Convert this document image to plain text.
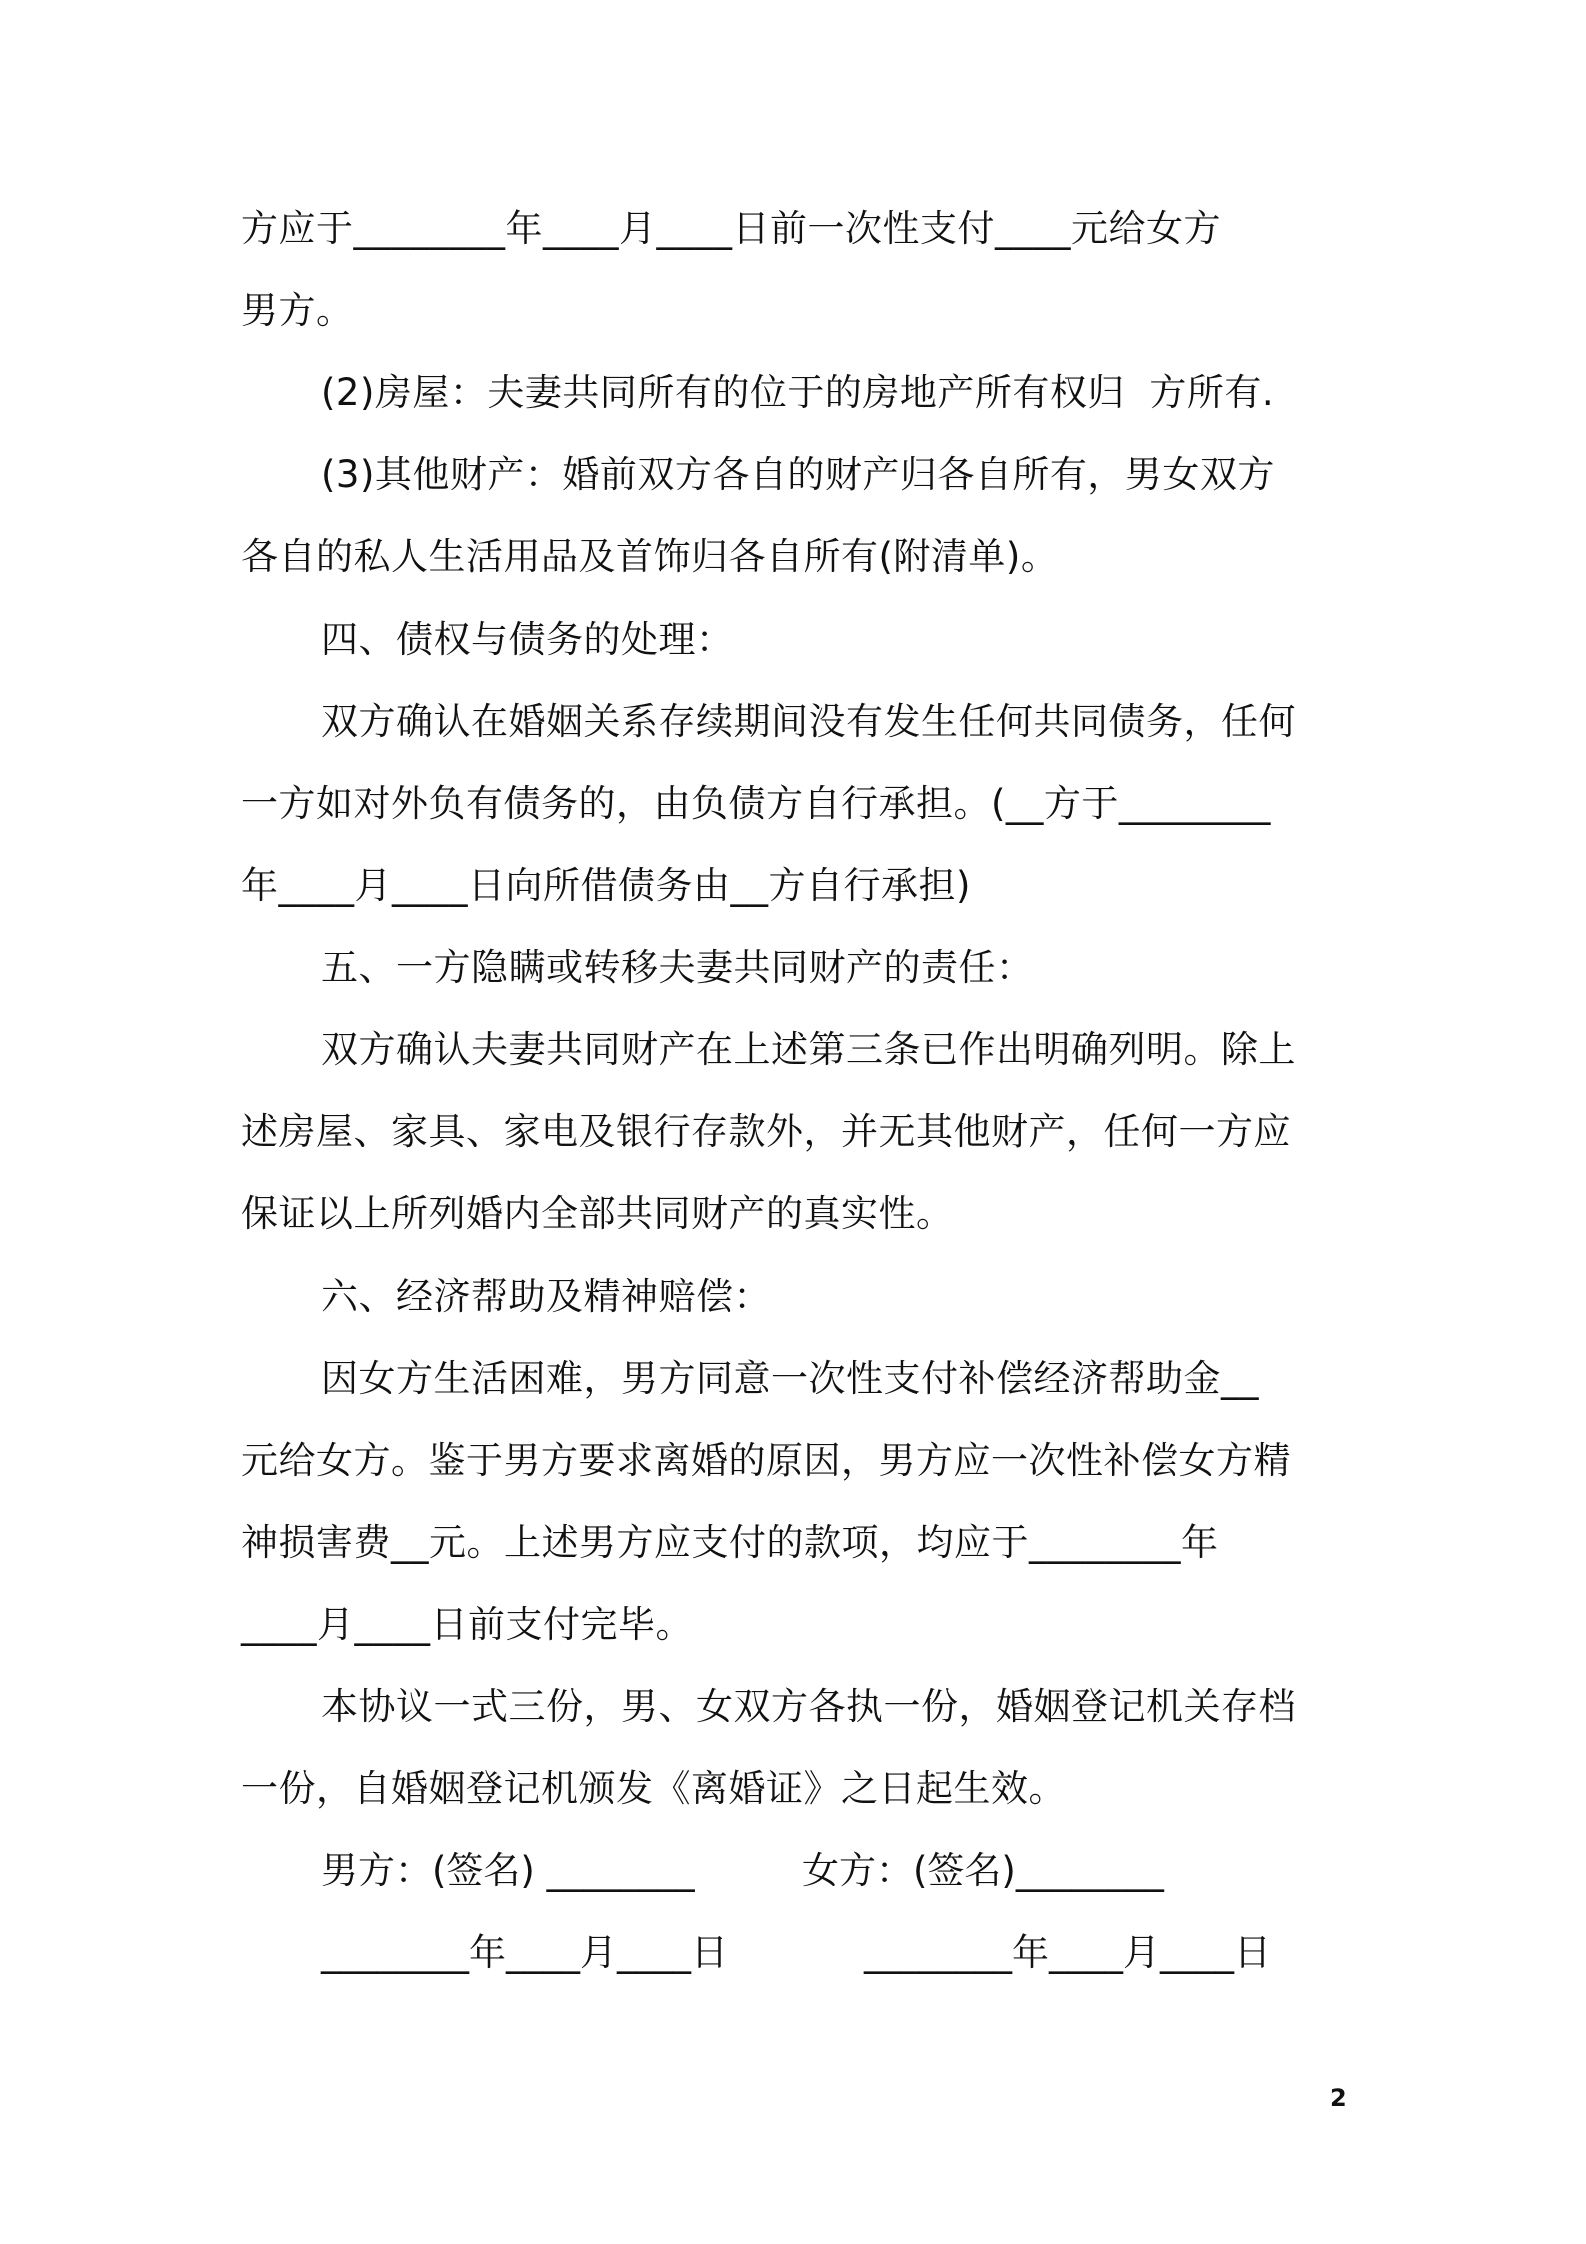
方应于________年____月____日前一次性支付____元给女方
男方。
(2)房屋：夫妻共同所有的位于的房地产所有权归  方所有.
(3)其他财产：婚前双方各自的财产归各自所有，男女双方
各自的私人生活用品及首饰归各自所有(附清单)。
四、债权与债务的处理：
双方确认在婚姻关系存续期间没有发生任何共同债务，任何
一方如对外负有债务的，由负债方自行承担。(__方于________
年____月____日向所借债务由__方自行承担)
五、一方隐瞒或转移夫妻共同财产的责任：
双方确认夫妻共同财产在上述第三条已作出明确列明。除上
述房屋、家具、家电及银行存款外，并无其他财产，任何一方应
保证以上所列婚内全部共同财产的真实性。
六、经济帮助及精神赔偿：
因女方生活困难，男方同意一次性支付补偿经济帮助金__
元给女方。鉴于男方要求离婚的原因，男方应一次性补偿女方精
神损害费__元。上述男方应支付的款项，均应于________年
____月____日前支付完毕。
本协议一式三份，男、女双方各执一份，婚姻登记机关存档
一份，自婚姻登记机颁发《离婚证》之日起生效。
男方：(签名) ________	女方：(签名)________
________年____月____日	________年____月____日
2
